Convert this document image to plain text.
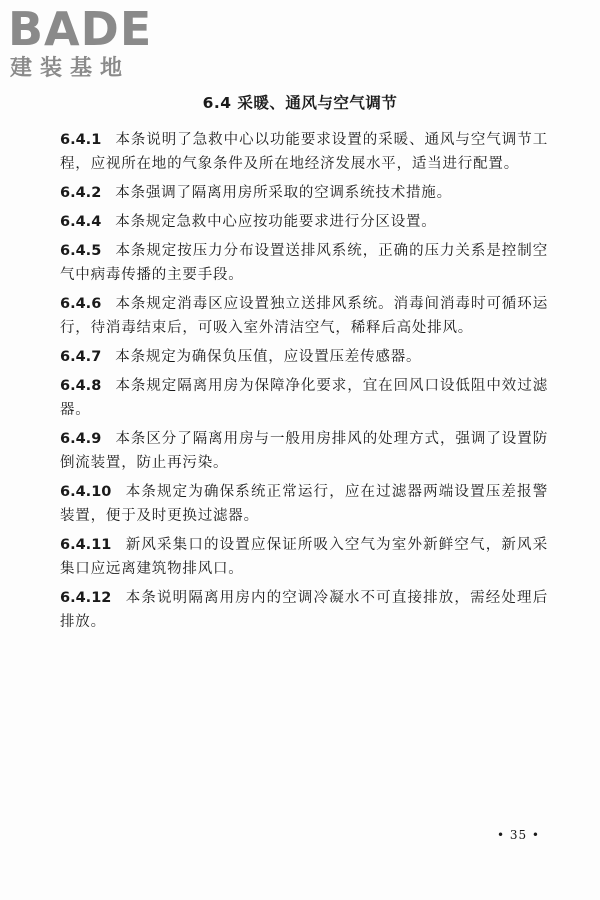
BADE
建装基地
6.4 采暖、通风与空气调节

6.4.1 本条说明了急救中心以功能要求设置的采暖、通风与空气调节工程，应视所在地的气象条件及所在地经济发展水平，适当进行配置。

6.4.2 本条强调了隔离用房所采取的空调系统技术措施。

6.4.4 本条规定急救中心应按功能要求进行分区设置。

6.4.5 本条规定按压力分布设置送排风系统，正确的压力关系是控制空气中病毒传播的主要手段。

6.4.6 本条规定消毒区应设置独立送排风系统。消毒间消毒时可循环运行，待消毒结束后，可吸入室外清洁空气，稀释后高处排风。

6.4.7 本条规定为确保负压值，应设置压差传感器。

6.4.8 本条规定隔离用房为保障净化要求，宜在回风口设低阻中效过滤器。

6.4.9 本条区分了隔离用房与一般用房排风的处理方式，强调了设置防倒流装置，防止再污染。

6.4.10 本条规定为确保系统正常运行，应在过滤器两端设置压差报警装置，便于及时更换过滤器。

6.4.11 新风采集口的设置应保证所吸入空气为室外新鲜空气，新风采集口应远离建筑物排风口。

6.4.12 本条说明隔离用房内的空调冷凝水不可直接排放，需经处理后排放。

• 35 •
